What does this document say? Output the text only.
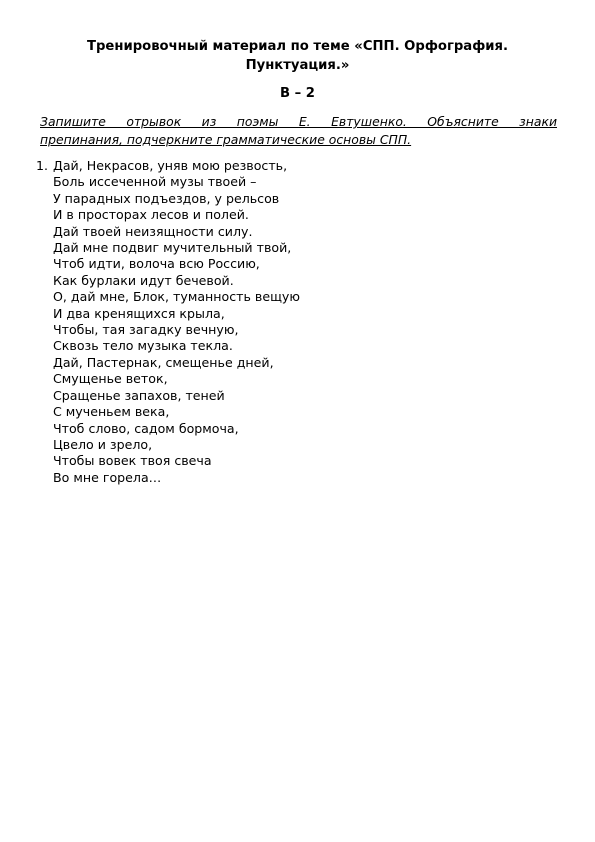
Тренировочный материал по теме «СПП. Орфография.
Пунктуация.»
В – 2
Запишите отрывок из поэмы Е. Евтушенко. Объясните знаки
препинания, подчеркните грамматические основы СПП.
1. Дай, Некрасов, уняв мою резвость,
Боль иссеченной музы твоей –
У парадных подъездов, у рельсов
И в просторах лесов и полей.
Дай твоей неизящности силу.
Дай мне подвиг мучительный твой,
Чтоб идти, волоча всю Россию,
Как бурлаки идут бечевой.
О, дай мне, Блок, туманность вещую
И два кренящихся крыла,
Чтобы, тая загадку вечную,
Сквозь тело музыка текла.
Дай, Пастернак, смещенье дней,
Смущенье веток,
Сращенье запахов, теней
С мученьем века,
Чтоб слово, садом бормоча,
Цвело и зрело,
Чтобы вовек твоя свеча
Во мне горела…
